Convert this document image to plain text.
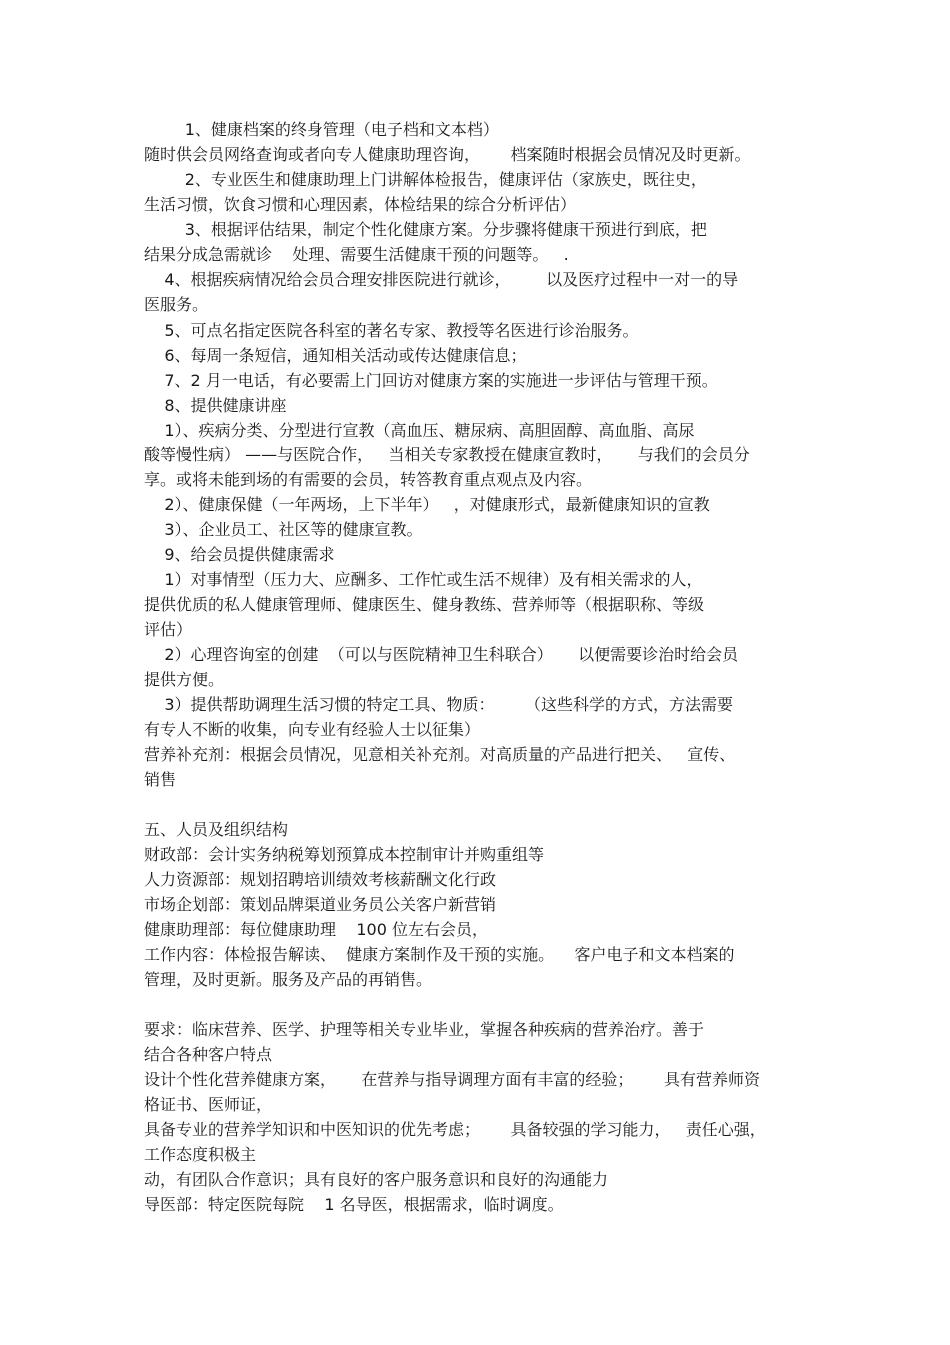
1、健康档案的终身管理（电子档和文本档）
随时供会员网络查询或者向专人健康助理咨询，      档案随时根据会员情况及时更新。
2、专业医生和健康助理上门讲解体检报告，健康评估（家族史，既往史，
生活习惯，饮食习惯和心理因素，体检结果的综合分析评估）
3、根据评估结果，制定个性化健康方案。分步骤将健康干预进行到底，把
结果分成急需就诊    处理、需要生活健康干预的问题等。   .
4、根据疾病情况给会员合理安排医院进行就诊，       以及医疗过程中一对一的导
医服务。
5、可点名指定医院各科室的著名专家、教授等名医进行诊治服务。
6、每周一条短信，通知相关活动或传达健康信息；
7、2 月一电话，有必要需上门回访对健康方案的实施进一步评估与管理干预。
8、提供健康讲座
1）、疾病分类、分型进行宣教（高血压、糖尿病、高胆固醇、高血脂、高尿
酸等慢性病） ——与医院合作，   当相关专家教授在健康宣教时，     与我们的会员分
享。或将未能到场的有需要的会员，转答教育重点观点及内容。
2）、健康保健（一年两场，上下半年）   ，对健康形式，最新健康知识的宣教
3）、企业员工、社区等的健康宣教。
9、给会员提供健康需求
1）对事情型（压力大、应酬多、工作忙或生活不规律）及有相关需求的人，
提供优质的私人健康管理师、健康医生、健身教练、营养师等（根据职称、等级
评估）
2）心理咨询室的创建  （可以与医院精神卫生科联合）     以便需要诊治时给会员
提供方便。
3）提供帮助调理生活习惯的特定工具、物质：      （这些科学的方式，方法需要
有专人不断的收集，向专业有经验人士以征集）
营养补充剂：根据会员情况，见意相关补充剂。对高质量的产品进行把关、   宣传、
销售
五、人员及组织结构
财政部：会计实务纳税筹划预算成本控制审计并购重组等
人力资源部：规划招聘培训绩效考核薪酬文化行政
市场企划部：策划品牌渠道业务员公关客户新营销
健康助理部：每位健康助理    100 位左右会员，
工作内容：体检报告解读、  健康方案制作及干预的实施。    客户电子和文本档案的
管理，及时更新。服务及产品的再销售。
要求：临床营养、医学、护理等相关专业毕业，掌握各种疾病的营养治疗。善于
结合各种客户特点
设计个性化营养健康方案，     在营养与指导调理方面有丰富的经验；      具有营养师资
格证书、医师证，
具备专业的营养学知识和中医知识的优先考虑；      具备较强的学习能力，   责任心强，
工作态度积极主
动，有团队合作意识；具有良好的客户服务意识和良好的沟通能力
导医部：特定医院每院    1 名导医，根据需求，临时调度。
